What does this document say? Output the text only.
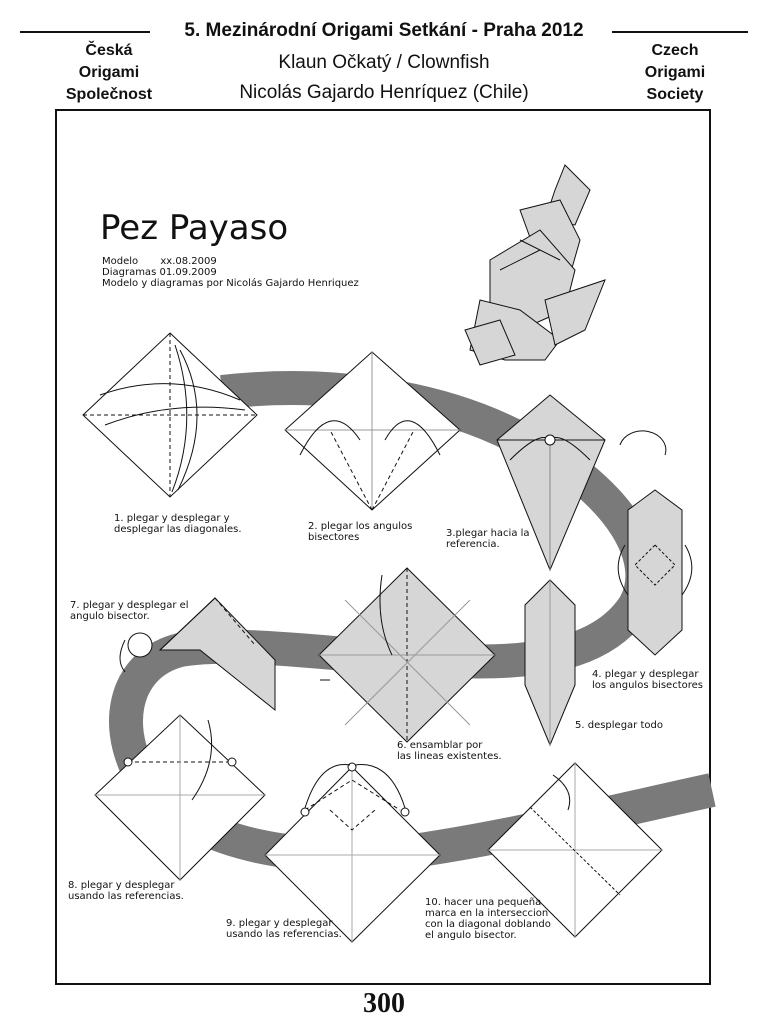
5. Mezinárodní Origami Setkání - Praha 2012
Česká
Origami
Společnost
Czech
Origami
Society
Klaun Očkatý / Clownfish
Nicolás Gajardo Henríquez (Chile)
Pez Payaso
Modelo       xx.08.2009
Diagramas 01.09.2009
Modelo y diagramas por Nicolás Gajardo Henriquez
1. plegar y desplegar y
desplegar las diagonales.	2. plegar los angulos
bisectores	3.plegar hacia la
referencia.
4. plegar y desplegar
los angulos bisectores
5. desplegar todo
6. ensamblar por
las lineas existentes.
7. plegar y desplegar el
angulo bisector.
8. plegar y desplegar
usando las referencias.
9. plegar y desplegar
usando las referencias.
10. hacer una pequeña
marca en la interseccion
con la diagonal doblando
el angulo bisector.
300
